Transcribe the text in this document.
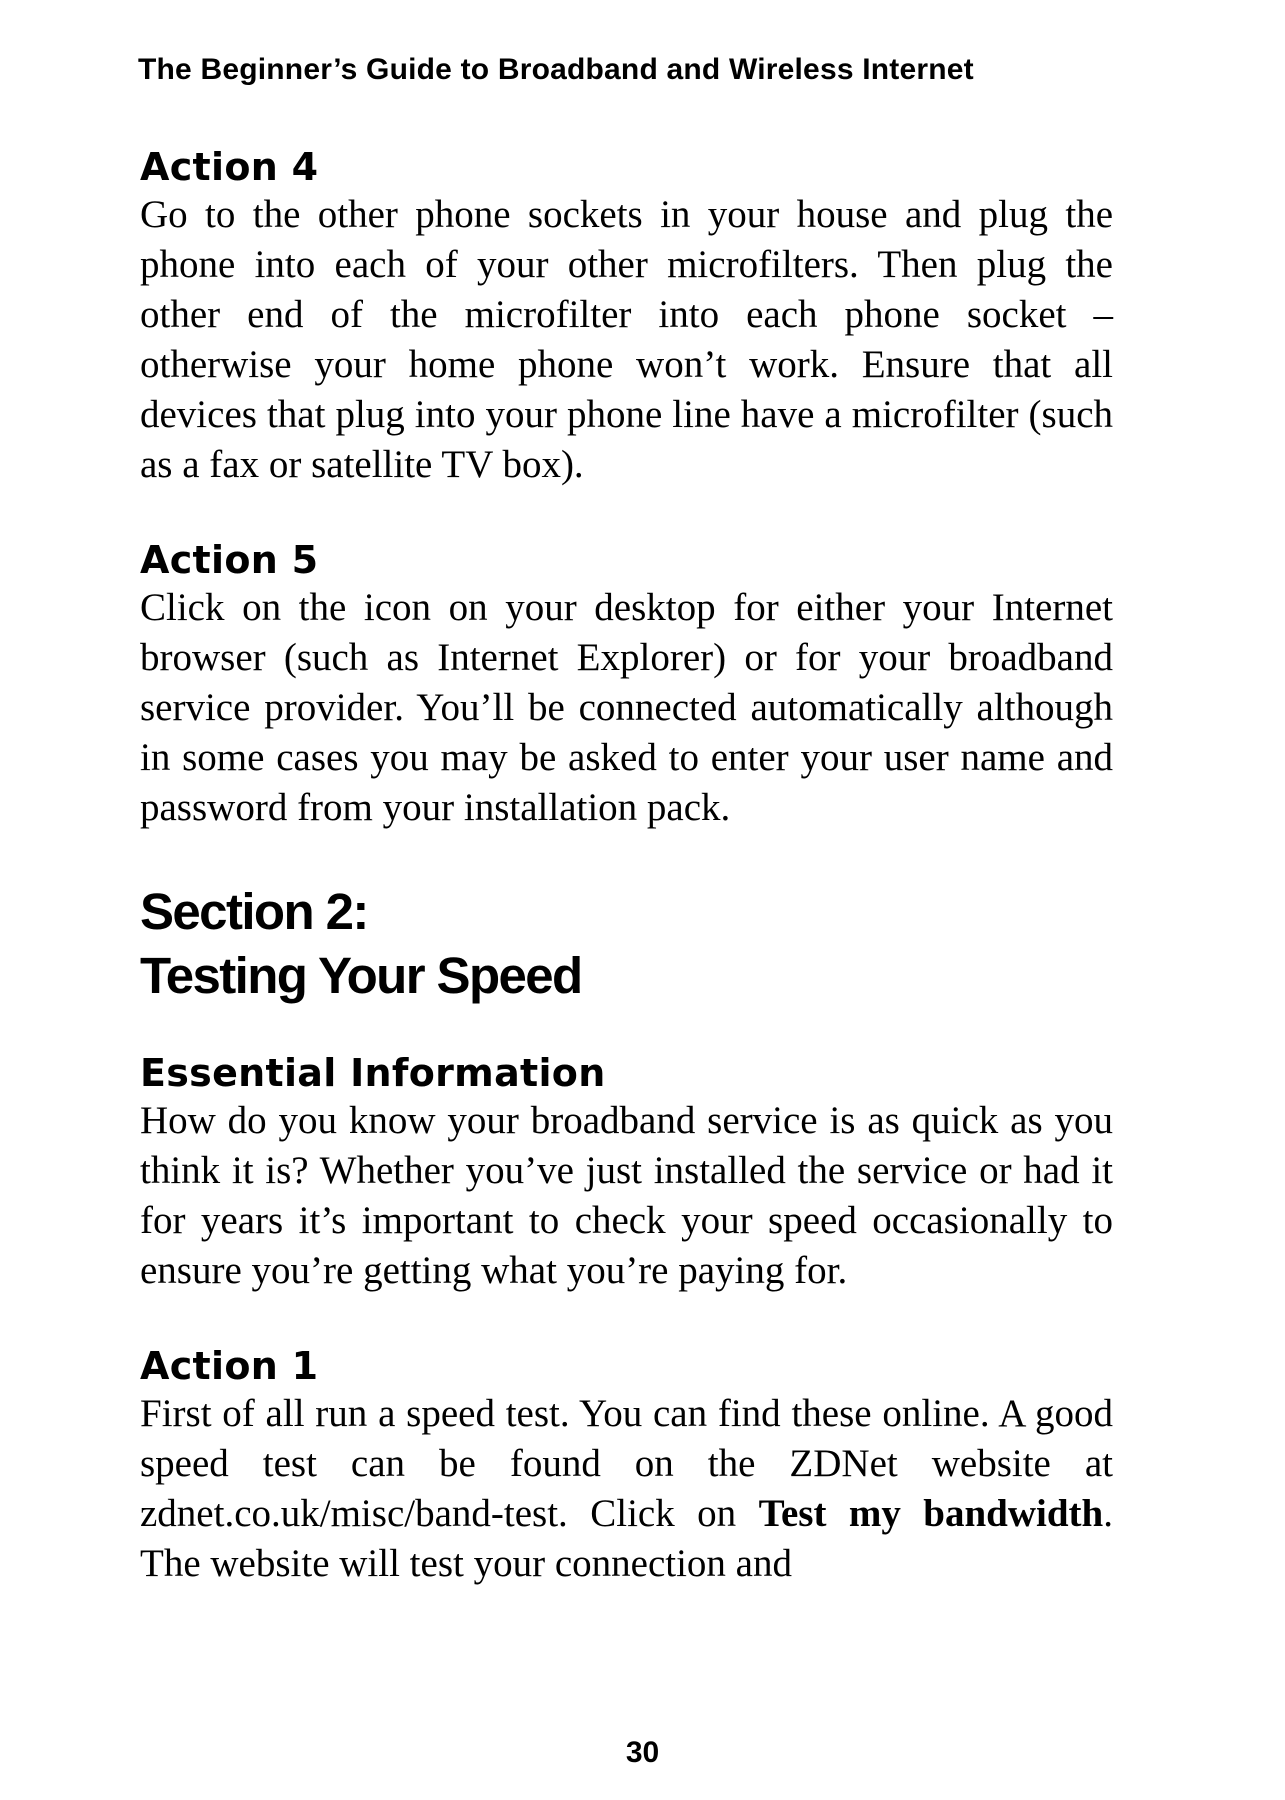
The Beginner’s Guide to Broadband and Wireless Internet
Action 4

Go to the other phone sockets in your house and plug the phone into each of your other microfilters. Then plug the other end of the microfilter into each phone socket – otherwise your home phone won’t work. Ensure that all devices that plug into your phone line have a microfilter (such as a fax or satellite TV box).

Action 5

Click on the icon on your desktop for either your Internet browser (such as Internet Explorer) or for your broadband service provider. You’ll be connected automatically although in some cases you may be asked to enter your user name and password from your installation pack.

Section 2:
Testing Your Speed
Essential Information

How do you know your broadband service is as quick as you think it is? Whether you’ve just installed the service or had it for years it’s important to check your speed occasionally to ensure you’re getting what you’re paying for.

Action 1

First of all run a speed test. You can find these online. A good speed test can be found on the ZDNet website at zdnet.co.uk/misc/band-test. Click on Test my bandwidth. The website will test your connection and

30
